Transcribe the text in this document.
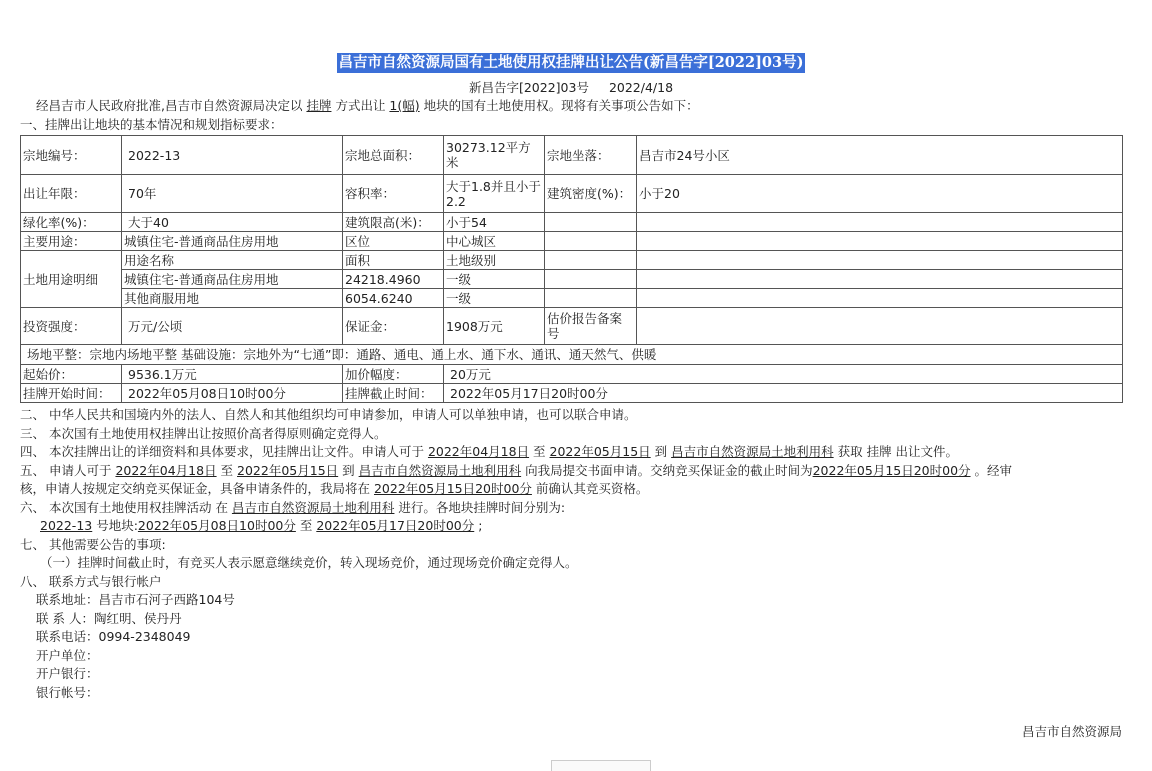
昌吉市自然资源局国有土地使用权挂牌出让公告(新昌告字[2022]03号)
新昌告字[2022]03号 2022/4/18
经昌吉市人民政府批准,昌吉市自然资源局决定以 挂牌 方式出让 1(幅) 地块的国有土地使用权。现将有关事项公告如下：
一、挂牌出让地块的基本情况和规划指标要求：
宗地编号：	2022-13	宗地总面积：	30273.12平方米	宗地坐落：	昌吉市24号小区
出让年限：	70年	容积率：	大于1.8并且小于2.2	建筑密度(%)：	小于20
绿化率(%)：	大于40	建筑限高(米)：	小于54		
主要用途：	城镇住宅-普通商品住房用地	区位	中心城区		
土地用途明细	用途名称	面积	土地级别		
	城镇住宅-普通商品住房用地	24218.4960	一级		
	其他商服用地	6054.6240	一级		
投资强度：	万元/公顷	保证金：	1908万元	估价报告备案号	
场地平整：宗地内场地平整 基础设施：宗地外为“七通”即：通路、通电、通上水、通下水、通讯、通天然气、供暖					
起始价：	9536.1万元	加价幅度：	20万元		
挂牌开始时间：	2022年05月08日10时00分	挂牌截止时间：	2022年05月17日20时00分		
二、 中华人民共和国境内外的法人、自然人和其他组织均可申请参加，申请人可以单独申请，也可以联合申请。
三、 本次国有土地使用权挂牌出让按照价高者得原则确定竞得人。
四、 本次挂牌出让的详细资料和具体要求，见挂牌出让文件。申请人可于 2022年04月18日 至 2022年05月15日 到 昌吉市自然资源局土地利用科 获取 挂牌 出让文件。
五、 申请人可于 2022年04月18日 至 2022年05月15日 到 昌吉市自然资源局土地利用科 向我局提交书面申请。交纳竞买保证金的截止时间为2022年05月15日20时00分 。经审
核，申请人按规定交纳竞买保证金，具备申请条件的，我局将在 2022年05月15日20时00分 前确认其竞买资格。
六、 本次国有土地使用权挂牌活动 在 昌吉市自然资源局土地利用科 进行。各地块挂牌时间分别为:
2022-13 号地块:2022年05月08日10时00分 至 2022年05月17日20时00分 ;
七、 其他需要公告的事项:
（一）挂牌时间截止时，有竞买人表示愿意继续竞价，转入现场竞价，通过现场竞价确定竞得人。
八、 联系方式与银行帐户
联系地址：昌吉市石河子西路104号
联 系 人：陶红明、侯丹丹
联系电话：0994-2348049
开户单位：
开户银行：
银行帐号：
昌吉市自然资源局
